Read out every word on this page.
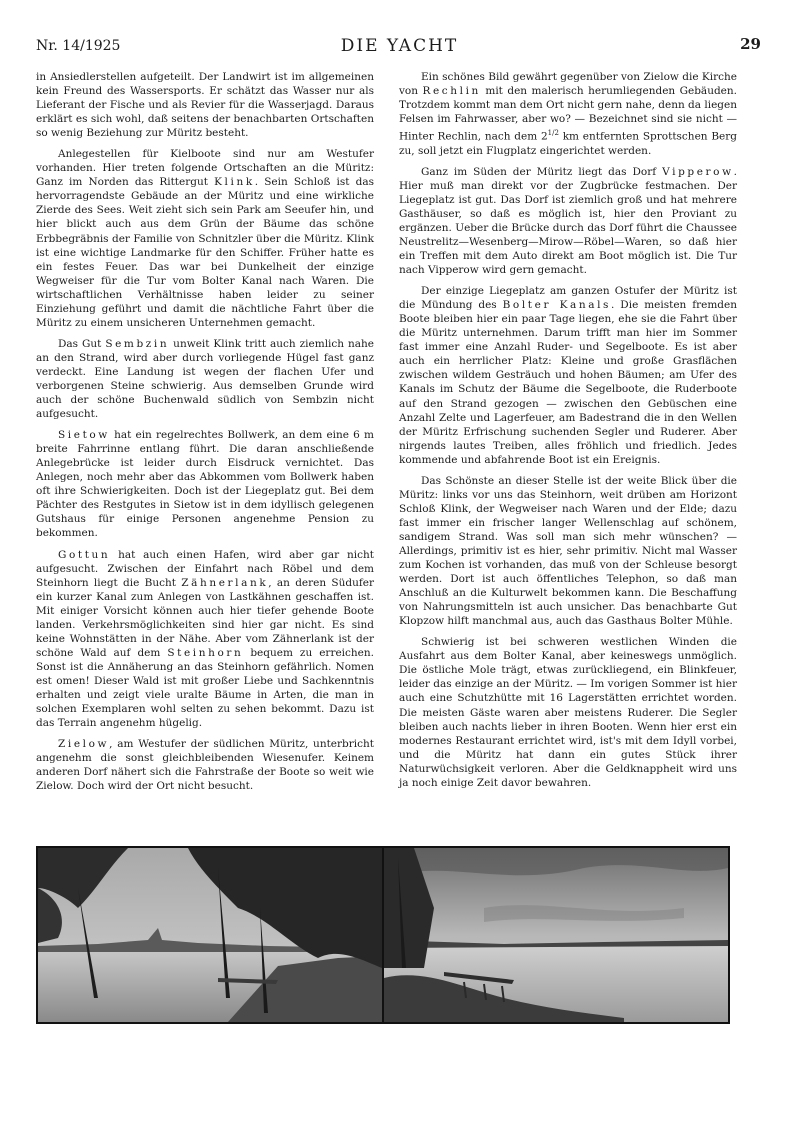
Nr. 14/1925	DIE YACHT	29

in Ansiedlerstellen aufgeteilt. Der Landwirt ist im allgemeinen kein Freund des Wassersports. Er schätzt das Wasser nur als Lieferant der Fische und als Revier für die Wasserjagd. Daraus erklärt es sich wohl, daß seitens der benachbarten Ortschaften so wenig Beziehung zur Müritz besteht.

Anlegestellen für Kielboote sind nur am Westufer vorhanden. Hier treten folgende Ortschaften an die Müritz: Ganz im Norden das Rittergut Klink. Sein Schloß ist das hervorragendste Gebäude an der Müritz und eine wirkliche Zierde des Sees. Weit zieht sich sein Park am Seeufer hin, und hier blickt auch aus dem Grün der Bäume das schöne Erbbegräbnis der Familie von Schnitzler über die Müritz. Klink ist eine wichtige Landmarke für den Schiffer. Früher hatte es ein festes Feuer. Das war bei Dunkelheit der einzige Wegweiser für die Tur vom Bolter Kanal nach Waren. Die wirtschaftlichen Verhältnisse haben leider zu seiner Einziehung geführt und damit die nächtliche Fahrt über die Müritz zu einem unsicheren Unternehmen gemacht.

Das Gut Sembzin unweit Klink tritt auch ziemlich nahe an den Strand, wird aber durch vorliegende Hügel fast ganz verdeckt. Eine Landung ist wegen der flachen Ufer und verborgenen Steine schwierig. Aus demselben Grunde wird auch der schöne Buchenwald südlich von Sembzin nicht aufgesucht.

Sietow hat ein regelrechtes Bollwerk, an dem eine 6 m breite Fahrrinne entlang führt. Die daran anschließende Anlegebrücke ist leider durch Eisdruck vernichtet. Das Anlegen, noch mehr aber das Abkommen vom Bollwerk haben oft ihre Schwierigkeiten. Doch ist der Liegeplatz gut. Bei dem Pächter des Restgutes in Sietow ist in dem idyllisch gelegenen Gutshaus für einige Personen angenehme Pension zu bekommen.

Gottun hat auch einen Hafen, wird aber gar nicht aufgesucht. Zwischen der Einfahrt nach Röbel und dem Steinhorn liegt die Bucht Zähnerlank, an deren Südufer ein kurzer Kanal zum Anlegen von Lastkähnen geschaffen ist. Mit einiger Vorsicht können auch hier tiefer gehende Boote landen. Verkehrsmöglichkeiten sind hier gar nicht. Es sind keine Wohnstätten in der Nähe. Aber vom Zähnerlank ist der schöne Wald auf dem Steinhorn bequem zu erreichen. Sonst ist die Annäherung an das Steinhorn gefährlich. Nomen est omen! Dieser Wald ist mit großer Liebe und Sachkenntnis erhalten und zeigt viele uralte Bäume in Arten, die man in solchen Exemplaren wohl selten zu sehen bekommt. Dazu ist das Terrain angenehm hügelig.

Zielow, am Westufer der südlichen Müritz, unterbricht angenehm die sonst gleichbleibenden Wiesenufer. Keinem anderen Dorf nähert sich die Fahrstraße der Boote so weit wie Zielow. Doch wird der Ort nicht besucht.

Ein schönes Bild gewährt gegenüber von Zielow die Kirche von Rechlin mit den malerisch herumliegenden Gebäuden. Trotzdem kommt man dem Ort nicht gern nahe, denn da liegen Felsen im Fahrwasser, aber wo? — Bezeichnet sind sie nicht — Hinter Rechlin, nach dem $2^{1/2}$ km entfernten Sprottschen Berg zu, soll jetzt ein Flugplatz eingerichtet werden.

Ganz im Süden der Müritz liegt das Dorf Vipperow. Hier muß man direkt vor der Zugbrücke festmachen. Der Liegeplatz ist gut. Das Dorf ist ziemlich groß und hat mehrere Gasthäuser, so daß es möglich ist, hier den Proviant zu ergänzen. Ueber die Brücke durch das Dorf führt die Chaussee Neustrelitz—Wesenberg—Mirow—Röbel—Waren, so daß hier ein Treffen mit dem Auto direkt am Boot möglich ist. Die Tur nach Vipperow wird gern gemacht.

Der einzige Liegeplatz am ganzen Ostufer der Müritz ist die Mündung des Bolter Kanals. Die meisten fremden Boote bleiben hier ein paar Tage liegen, ehe sie die Fahrt über die Müritz unternehmen. Darum trifft man hier im Sommer fast immer eine Anzahl Ruder- und Segelboote. Es ist aber auch ein herrlicher Platz: Kleine und große Grasflächen zwischen wildem Gesträuch und hohen Bäumen; am Ufer des Kanals im Schutz der Bäume die Segelboote, die Ruderboote auf den Strand gezogen — zwischen den Gebüschen eine Anzahl Zelte und Lagerfeuer, am Badestrand die in den Wellen der Müritz Erfrischung suchenden Segler und Ruderer. Aber nirgends lautes Treiben, alles fröhlich und friedlich. Jedes kommende und abfahrende Boot ist ein Ereignis.

Das Schönste an dieser Stelle ist der weite Blick über die Müritz: links vor uns das Steinhorn, weit drüben am Horizont Schloß Klink, der Wegweiser nach Waren und der Elde; dazu fast immer ein frischer langer Wellenschlag auf schönem, sandigem Strand. Was soll man sich mehr wünschen? — Allerdings, primitiv ist es hier, sehr primitiv. Nicht mal Wasser zum Kochen ist vorhanden, das muß von der Schleuse besorgt werden. Dort ist auch öffentliches Telephon, so daß man Anschluß an die Kulturwelt bekommen kann. Die Beschaffung von Nahrungsmitteln ist auch unsicher. Das benachbarte Gut Klopzow hilft manchmal aus, auch das Gasthaus Bolter Mühle.

Schwierig ist bei schweren westlichen Winden die Ausfahrt aus dem Bolter Kanal, aber keineswegs unmöglich. Die östliche Mole trägt, etwas zurückliegend, ein Blinkfeuer, leider das einzige an der Müritz. — Im vorigen Sommer ist hier auch eine Schutzhütte mit 16 Lagerstätten errichtet worden. Die meisten Gäste waren aber meistens Ruderer. Die Segler bleiben auch nachts lieber in ihren Booten. Wenn hier erst ein modernes Restaurant errichtet wird, ist's mit dem Idyll vorbei, und die Müritz hat dann ein gutes Stück ihrer Naturwüchsigkeit verloren. Aber die Geldknappheit wird uns ja noch einige Zeit davor bewahren.
